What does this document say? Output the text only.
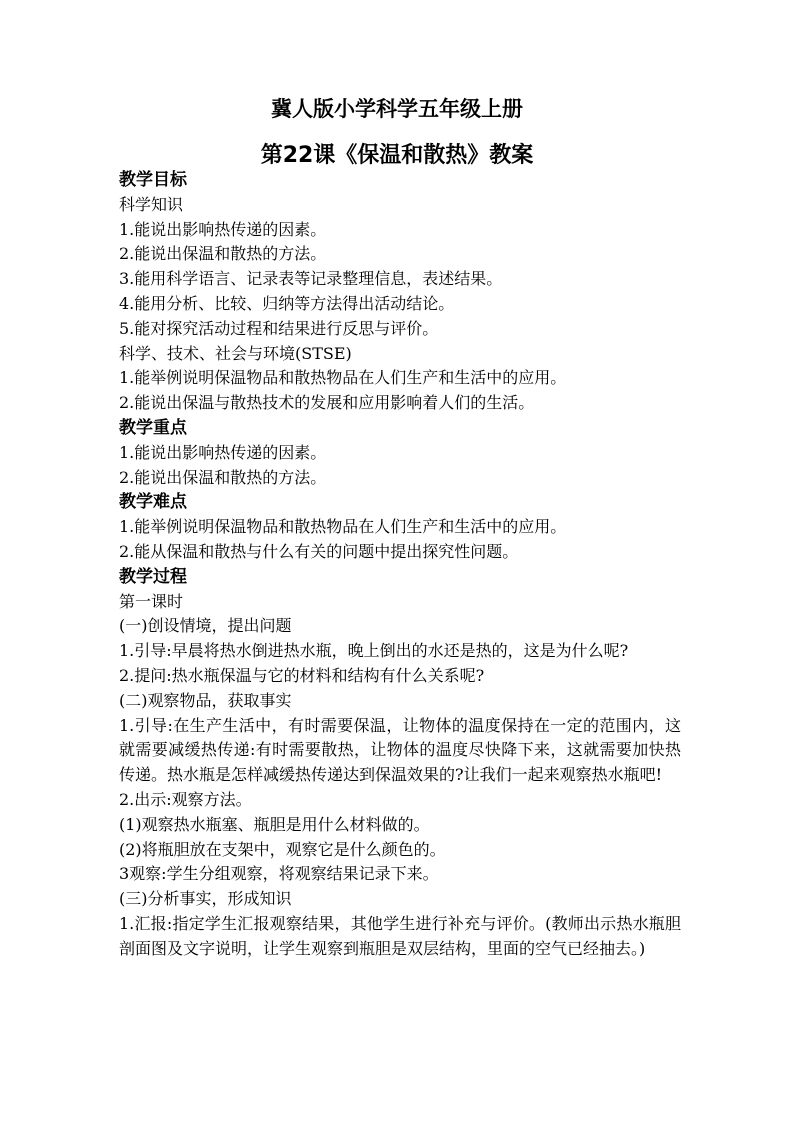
冀人版小学科学五年级上册
第22课《保温和散热》教案

教学目标

科学知识

1.能说出影响热传递的因素。

2.能说出保温和散热的方法。

3.能用科学语言、记录表等记录整理信息，表述结果。

4.能用分析、比较、归纳等方法得出活动结论。

5.能对探究活动过程和结果进行反思与评价。

科学、技术、社会与环境(STSE)

1.能举例说明保温物品和散热物品在人们生产和生活中的应用。

2.能说出保温与散热技术的发展和应用影响着人们的生活。

教学重点

1.能说出影响热传递的因素。

2.能说出保温和散热的方法。

教学难点

1.能举例说明保温物品和散热物品在人们生产和生活中的应用。

2.能从保温和散热与什么有关的问题中提出探究性问题。

教学过程

第一课时

(一)创设情境，提出问题

1.引导:早晨将热水倒进热水瓶，晚上倒出的水还是热的，这是为什么呢?

2.提问:热水瓶保温与它的材料和结构有什么关系呢?

(二)观察物品，获取事实

1.引导:在生产生活中，有时需要保温，让物体的温度保持在一定的范围内，这就需要减缓热传递:有时需要散热，让物体的温度尽快降下来，这就需要加快热传递。热水瓶是怎样减缓热传递达到保温效果的?让我们一起来观察热水瓶吧!

2.出示:观察方法。

(1)观察热水瓶塞、瓶胆是用什么材料做的。

(2)将瓶胆放在支架中，观察它是什么颜色的。

3观察:学生分组观察，将观察结果记录下来。

(三)分析事实，形成知识

1.汇报:指定学生汇报观察结果，其他学生进行补充与评价。(教师出示热水瓶胆剖面图及文字说明，让学生观察到瓶胆是双层结构，里面的空气已经抽去。)
